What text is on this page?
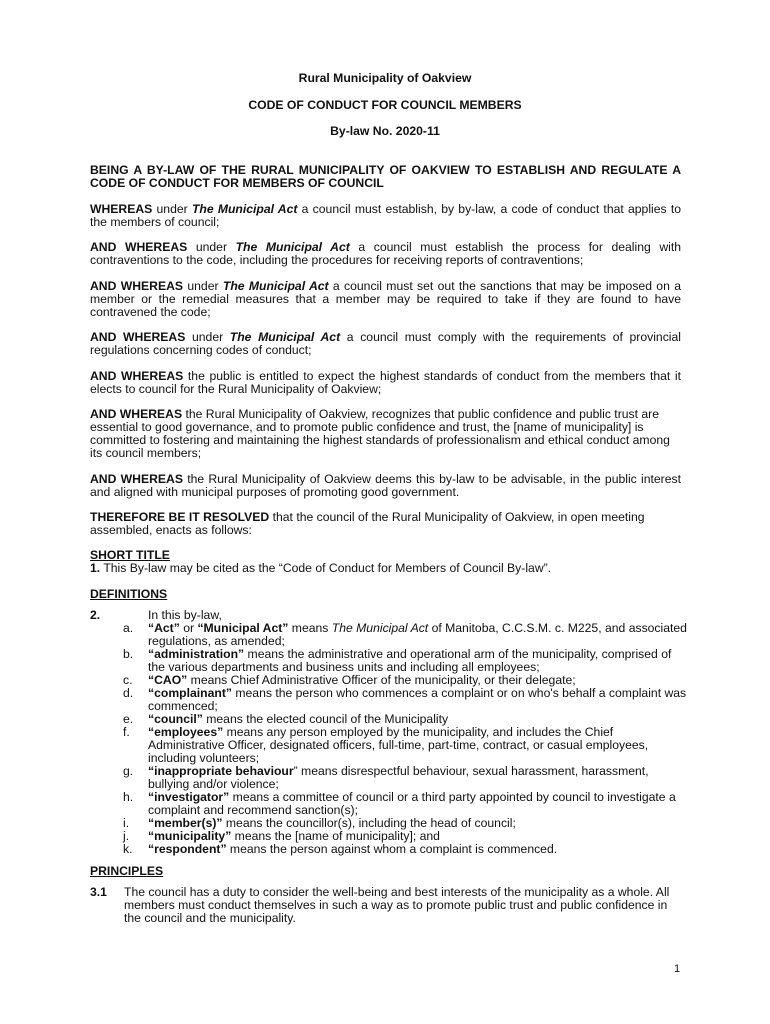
Rural Municipality of Oakview
CODE OF CONDUCT FOR COUNCIL MEMBERS
By-law No. 2020-11
BEING A BY-LAW OF THE RURAL MUNICIPALITY OF OAKVIEW TO ESTABLISH AND REGULATE A CODE OF CONDUCT FOR MEMBERS OF COUNCIL
WHEREAS under The Municipal Act a council must establish, by by-law, a code of conduct that applies to the members of council;
AND WHEREAS under The Municipal Act a council must establish the process for dealing with contraventions to the code, including the procedures for receiving reports of contraventions;
AND WHEREAS under The Municipal Act a council must set out the sanctions that may be imposed on a member or the remedial measures that a member may be required to take if they are found to have contravened the code;
AND WHEREAS under The Municipal Act a council must comply with the requirements of provincial regulations concerning codes of conduct;
AND WHEREAS the public is entitled to expect the highest standards of conduct from the members that it elects to council for the Rural Municipality of Oakview;
AND WHEREAS the Rural Municipality of Oakview, recognizes that public confidence and public trust are essential to good governance, and to promote public confidence and trust, the [name of municipality] is committed to fostering and maintaining the highest standards of professionalism and ethical conduct among its council members;
AND WHEREAS the Rural Municipality of Oakview deems this by-law to be advisable, in the public interest and aligned with municipal purposes of promoting good government.
THEREFORE BE IT RESOLVED that the council of the Rural Municipality of Oakview, in open meeting assembled, enacts as follows:
SHORT TITLE
1. This By-law may be cited as the “Code of Conduct for Members of Council By-law”.
DEFINITIONS
2.	In this by-law,
a. “Act” or “Municipal Act” means The Municipal Act of Manitoba, C.C.S.M. c. M225, and associated regulations, as amended;
b. “administration” means the administrative and operational arm of the municipality, comprised of the various departments and business units and including all employees;
c. “CAO” means Chief Administrative Officer of the municipality, or their delegate;
d. “complainant” means the person who commences a complaint or on who's behalf a complaint was commenced;
e. “council” means the elected council of the Municipality
f. “employees” means any person employed by the municipality, and includes the Chief Administrative Officer, designated officers, full-time, part-time, contract, or casual employees, including volunteers;
g. “inappropriate behaviour” means disrespectful behaviour, sexual harassment, harassment, bullying and/or violence;
h. “investigator” means a committee of council or a third party appointed by council to investigate a complaint and recommend sanction(s);
i. “member(s)” means the councillor(s), including the head of council;
j. “municipality” means the [name of municipality]; and
k. “respondent” means the person against whom a complaint is commenced.
PRINCIPLES
3.1 The council has a duty to consider the well-being and best interests of the municipality as a whole. All members must conduct themselves in such a way as to promote public trust and public confidence in the council and the municipality.
1
